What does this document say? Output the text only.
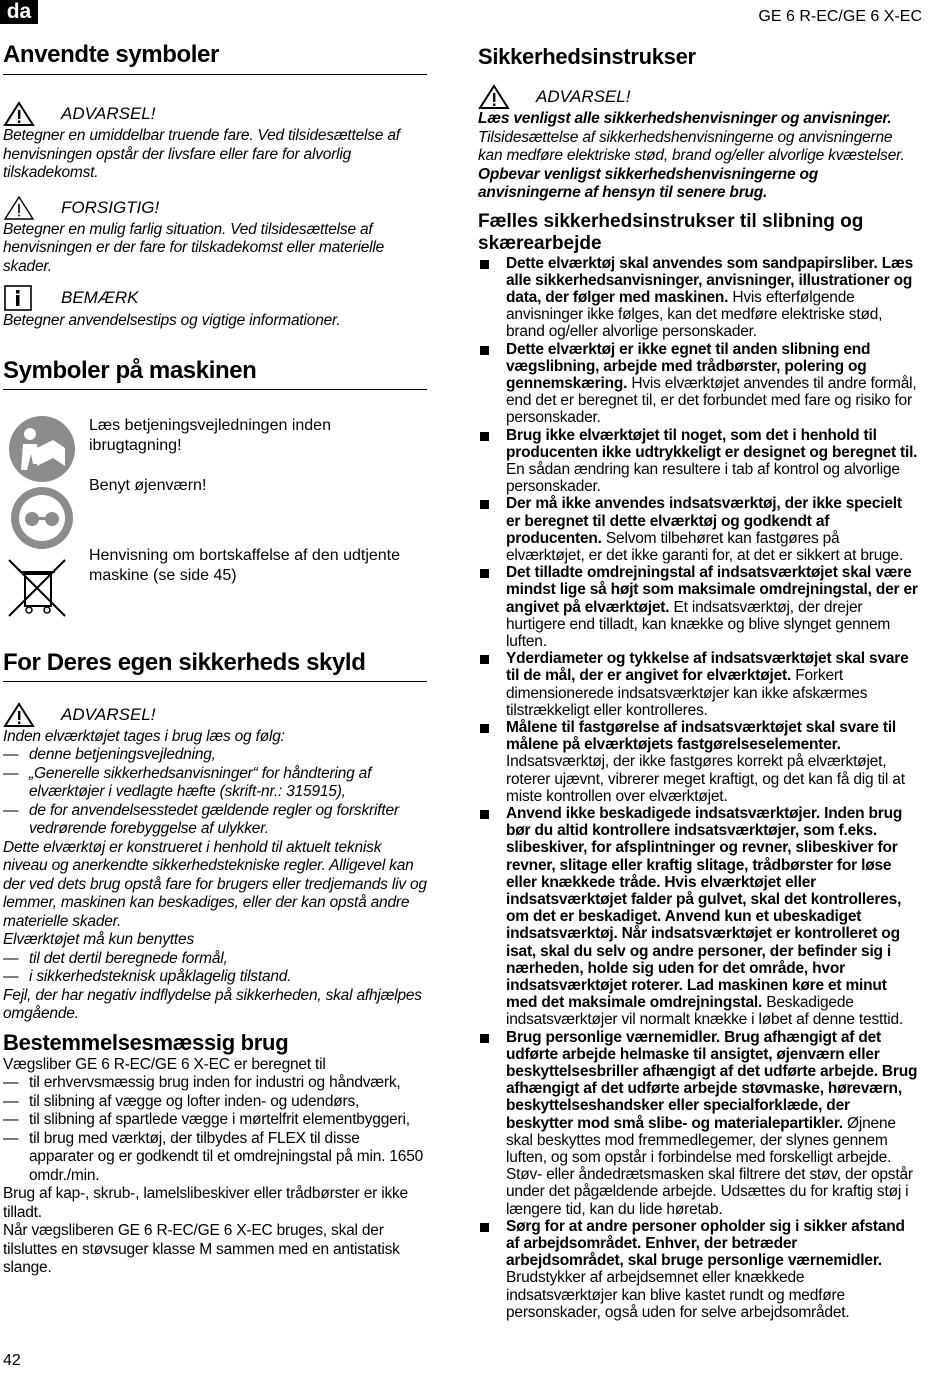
da	GE 6 R-EC/GE 6 X-EC
Anvendte symboler
ADVARSEL!
Betegner en umiddelbar truende fare. Ved tilsidesættelse af henvisningen opstår der livsfare eller fare for alvorlig tilskadekomst.
FORSIGTIG!
Betegner en mulig farlig situation. Ved tilsidesættelse af henvisningen er der fare for tilskadekomst eller materielle skader.
BEMÆRK
Betegner anvendelsestips og vigtige informationer.
Symboler på maskinen
Læs betjeningsvejledningen inden ibrugtagning!
Benyt øjenværn!
Henvisning om bortskaffelse af den udtjente maskine (se side 45)
For Deres egen sikkerheds skyld
ADVARSEL!
Inden elværktøjet tages i brug læs og følg:
— denne betjeningsvejledning,
— „Generelle sikkerhedsanvisninger“ for håndtering af elværktøjer i vedlagte hæfte (skrift-nr.: 315915),
— de for anvendelsesstedet gældende regler og forskrifter vedrørende forebyggelse af ulykker.
Dette elværktøj er konstrueret i henhold til aktuelt teknisk niveau og anerkendte sikkerhedstekniske regler. Alligevel kan der ved dets brug opstå fare for brugers eller tredjemands liv og lemmer, maskinen kan beskadiges, eller der kan opstå andre materielle skader.
Elværktøjet må kun benyttes
— til det dertil beregnede formål,
— i sikkerhedsteknisk upåklagelig tilstand.
Fejl, der har negativ indflydelse på sikkerheden, skal afhjælpes omgående.
Bestemmelsesmæssig brug
Vægsliber GE 6 R-EC/GE 6 X-EC er beregnet til
— til erhvervsmæssig brug inden for industri og håndværk,
— til slibning af vægge og lofter inden- og udendørs,
— til slibning af spartlede vægge i mørtelfrit elementbyggeri,
— til brug med værktøj, der tilbydes af FLEX til disse apparater og er godkendt til et omdrejningstal på min. 1650 omdr./min.
Brug af kap-, skrub-, lamelslibeskiver eller trådbørster er ikke tilladt.
Når vægsliberen GE 6 R-EC/GE 6 X-EC bruges, skal der tilsluttes en støvsuger klasse M sammen med en antistatisk slange.
Sikkerhedsinstrukser
ADVARSEL!
Læs venligst alle sikkerhedshenvisninger og anvisninger. Tilsidesættelse af sikkerhedshenvisningerne og anvisningerne kan medføre elektriske stød, brand og/eller alvorlige kvæstelser. Opbevar venligst sikkerhedshenvisningerne og anvisningerne af hensyn til senere brug.
Fælles sikkerhedsinstrukser til slibning og skærearbejde

Dette elværktøj skal anvendes som sandpapirsliber. Læs alle sikkerhedsanvisninger, anvisninger, illustrationer og data, der følger med maskinen. Hvis efterfølgende anvisninger ikke følges, kan det medføre elektriske stød, brand og/eller alvorlige personskader.

Dette elværktøj er ikke egnet til anden slibning end vægslibning, arbejde med trådbørster, polering og gennemskæring. Hvis elværktøjet anvendes til andre formål, end det er beregnet til, er det forbundet med fare og risiko for personskader.

Brug ikke elværktøjet til noget, som det i henhold til producenten ikke udtrykkeligt er designet og beregnet til. En sådan ændring kan resultere i tab af kontrol og alvorlige personskader.

Der må ikke anvendes indsatsværktøj, der ikke specielt er beregnet til dette elværktøj og godkendt af producenten. Selvom tilbehøret kan fastgøres på elværktøjet, er det ikke garanti for, at det er sikkert at bruge.

Det tilladte omdrejningstal af indsatsværktøjet skal være mindst lige så højt som maksimale omdrejningstal, der er angivet på elværktøjet. Et indsatsværktøj, der drejer hurtigere end tilladt, kan knække og blive slynget gennem luften.

Yderdiameter og tykkelse af indsatsværktøjet skal svare til de mål, der er angivet for elværktøjet. Forkert dimensionerede indsatsværktøjer kan ikke afskærmes tilstrækkeligt eller kontrolleres.

Målene til fastgørelse af indsatsværktøjet skal svare til målene på elværktøjets fastgørelseselementer. Indsatsværktøj, der ikke fastgøres korrekt på elværktøjet, roterer ujævnt, vibrerer meget kraftigt, og det kan få dig til at miste kontrollen over elværktøjet.

Anvend ikke beskadigede indsatsværktøjer. Inden brug bør du altid kontrollere indsatsværktøjer, som f.eks. slibeskiver, for afsplintninger og revner, slibeskiver for revner, slitage eller kraftig slitage, trådbørster for løse eller knækkede tråde. Hvis elværktøjet eller indsatsværktøjet falder på gulvet, skal det kontrolleres, om det er beskadiget. Anvend kun et ubeskadiget indsatsværktøj. Når indsatsværktøjet er kontrolleret og isat, skal du selv og andre personer, der befinder sig i nærheden, holde sig uden for det område, hvor indsatsværktøjet roterer. Lad maskinen køre et minut med det maksimale omdrejningstal. Beskadigede indsatsværktøjer vil normalt knække i løbet af denne testtid.

Brug personlige værnemidler. Brug afhængigt af det udførte arbejde helmaske til ansigtet, øjenværn eller beskyttelsesbriller afhængigt af det udførte arbejde. Brug afhængigt af det udførte arbejde støvmaske, høreværn, beskyttelseshandsker eller specialforklæde, der beskytter mod små slibe- og materialepartikler. Øjnene skal beskyttes mod fremmedlegemer, der slynes gennem luften, og som opstår i forbindelse med forskelligt arbejde. Støv- eller åndedrætsmasken skal filtrere det støv, der opstår under det pågældende arbejde. Udsættes du for kraftig støj i længere tid, kan du lide høretab.

Sørg for at andre personer opholder sig i sikker afstand af arbejdsområdet. Enhver, der betræder arbejdsområdet, skal bruge personlige værnemidler. Brudstykker af arbejdsemnet eller knækkede indsatsværktøjer kan blive kastet rundt og medføre personskader, også uden for selve arbejdsområdet.

42
